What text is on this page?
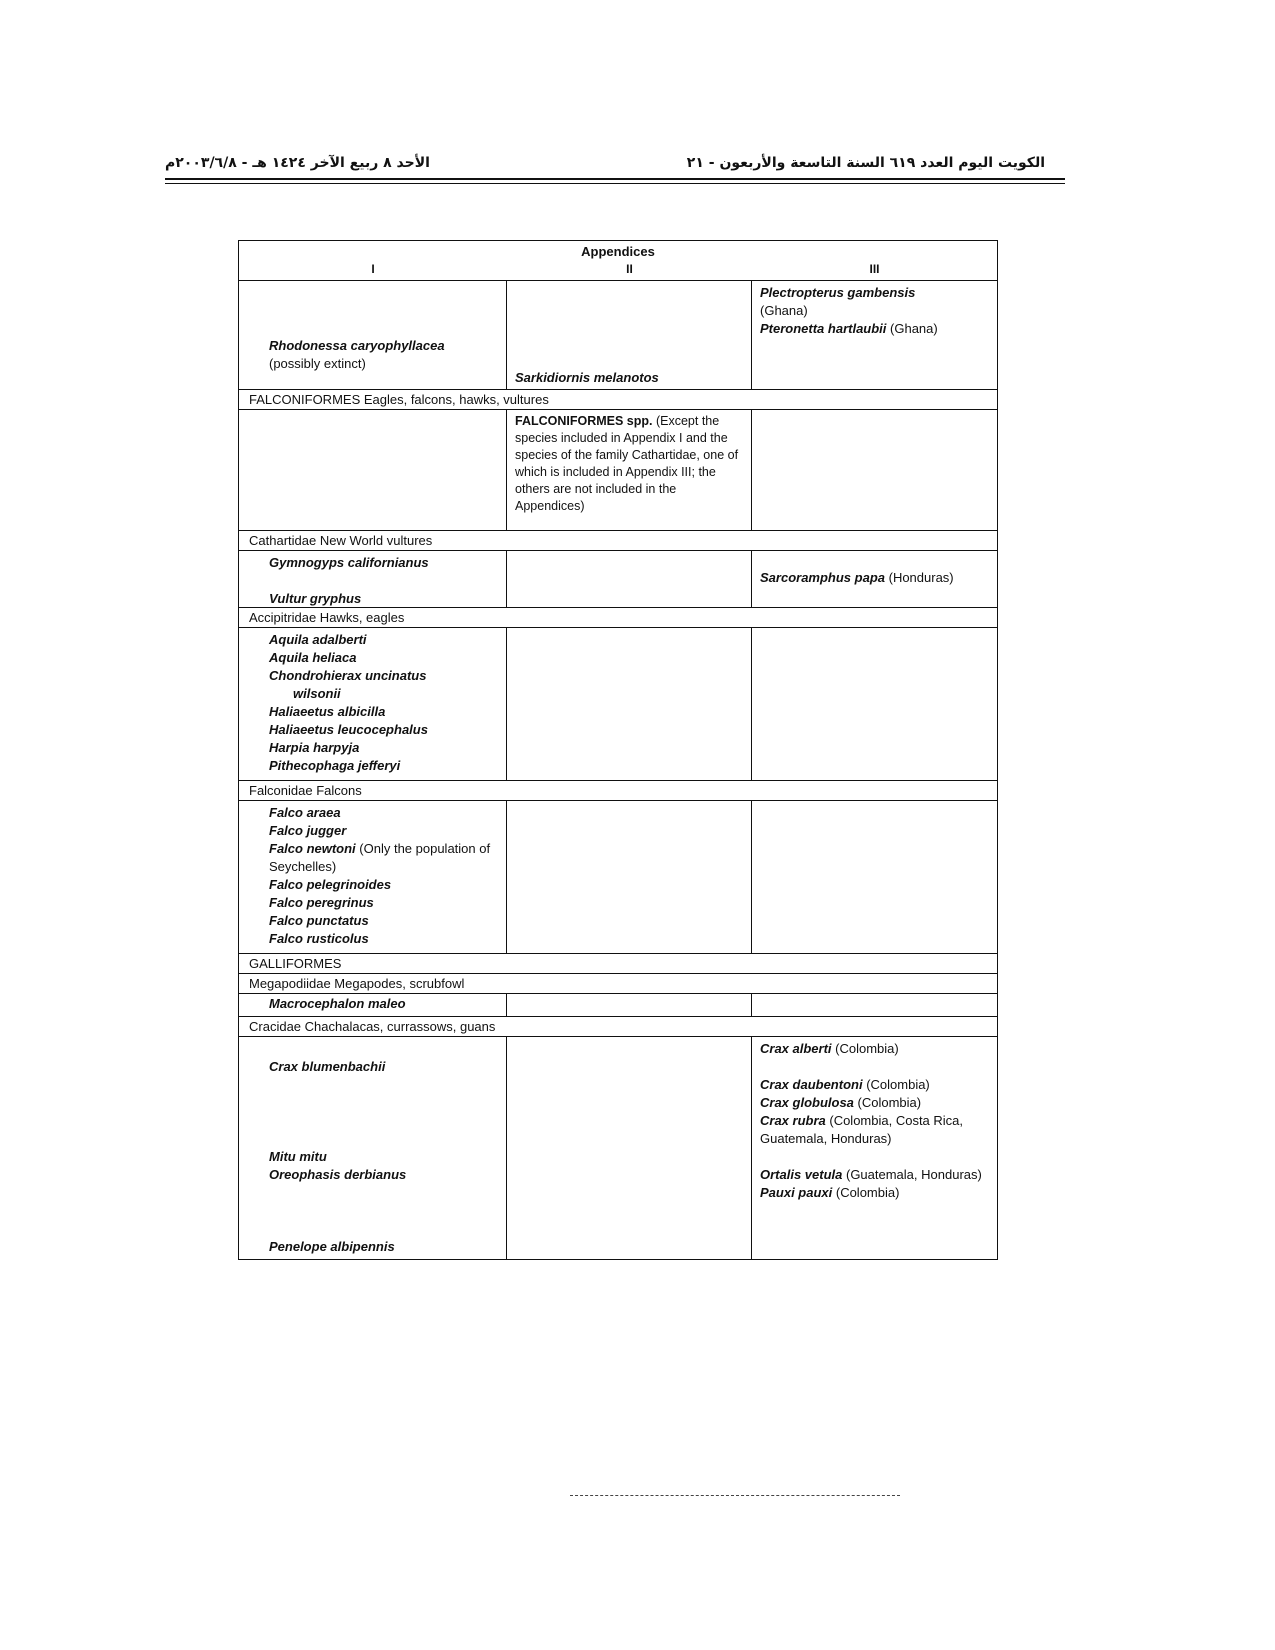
الكويت اليوم العدد ٦١٩ السنة التاسعة والأربعون - ٢١
الأحد ٨ ربيع الآخر ١٤٢٤ هـ - ٢٠٠٣/٦/٨م
Appendices
I	II	III
Rhodonessa caryophyllacea
(possibly extinct)
Sarkidiornis melanotos
Plectropterus gambensis
(Ghana)
Pteronetta hartlaubii (Ghana)
FALCONIFORMES Eagles, falcons, hawks, vultures
FALCONIFORMES spp. (Except the species included in Appendix I and the species of the family Cathartidae, one of which is included in Appendix III; the others are not included in the Appendices)
Cathartidae New World vultures
Gymnogyps californianus
Vultur gryphus
Sarcoramphus papa (Honduras)
Accipitridae Hawks, eagles
Aquila adalberti
Aquila heliaca
Chondrohierax uncinatus
wilsonii
Haliaeetus albicilla
Haliaeetus leucocephalus
Harpia harpyja
Pithecophaga jefferyi
Falconidae Falcons
Falco araea
Falco jugger
Falco newtoni (Only the population of Seychelles)
Falco pelegrinoides
Falco peregrinus
Falco punctatus
Falco rusticolus
GALLIFORMES
Megapodiidae Megapodes, scrubfowl
Macrocephalon maleo
Cracidae Chachalacas, currassows, guans
Crax blumenbachii
Mitu mitu
Oreophasis derbianus
Penelope albipennis
Crax alberti (Colombia)
Crax daubentoni (Colombia)
Crax globulosa (Colombia)
Crax rubra (Colombia, Costa Rica, Guatemala, Honduras)
Ortalis vetula (Guatemala, Honduras)
Pauxi pauxi (Colombia)
